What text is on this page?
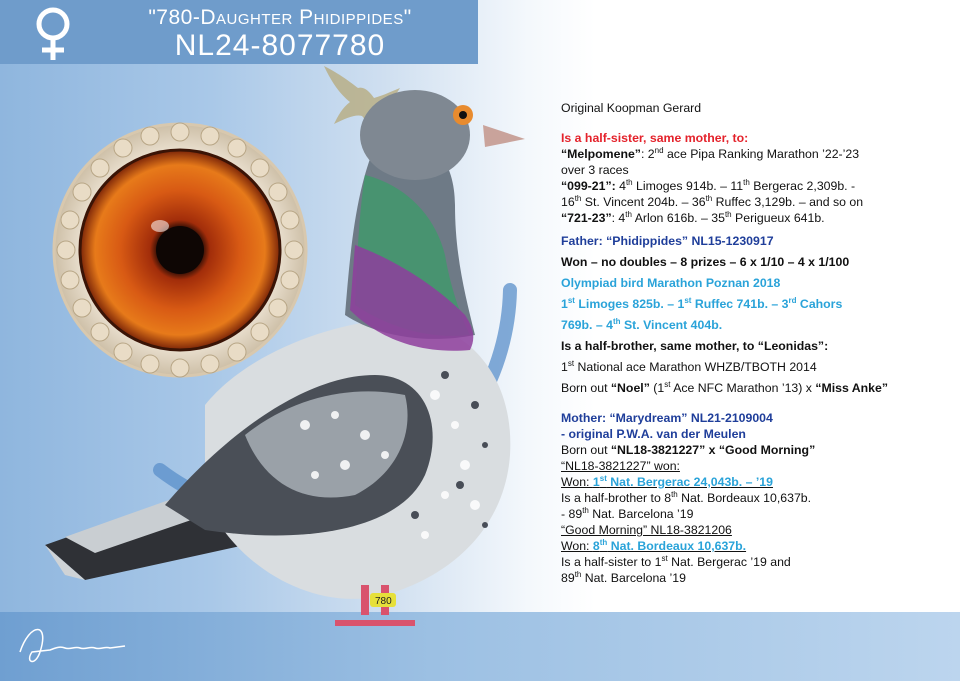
"780-Daughter Phidippides"
NL24-8077780
780

Original Koopman Gerard

Is a half-sister, same mother, to:

“Melpomene”: 2nd ace Pipa Ranking Marathon ’22-’23

over 3 races

“099-21”: 4th Limoges 914b. – 11th Bergerac 2,309b. -

16th St. Vincent 204b. – 36th Ruffec 3,129b. – and so on

“721-23”: 4th Arlon 616b. – 35th Perigueux 641b.

Father: “Phidippides” NL15-1230917

Won – no doubles – 8 prizes – 6 x 1/10 – 4 x 1/100

Olympiad bird Marathon Poznan 2018

1st Limoges 825b. – 1st Ruffec 741b. – 3rd Cahors

769b. – 4th St. Vincent 404b.

Is a half-brother, same mother, to “Leonidas”:

1st National ace Marathon WHZB/TBOTH 2014

Born out “Noel” (1st Ace NFC Marathon ’13) x “Miss Anke”

Mother: “Marydream” NL21-2109004

- original P.W.A. van der Meulen

Born out “NL18-3821227” x “Good Morning”

“NL18-3821227” won:

Won: 1st Nat. Bergerac 24,043b. – ’19

Is a half-brother to 8th Nat. Bordeaux 10,637b.

- 89th Nat. Barcelona ’19

“Good Morning” NL18-3821206

Won: 8th Nat. Bordeaux 10,637b.

Is a half-sister to 1st Nat. Bergerac ’19 and

89th Nat. Barcelona ’19
